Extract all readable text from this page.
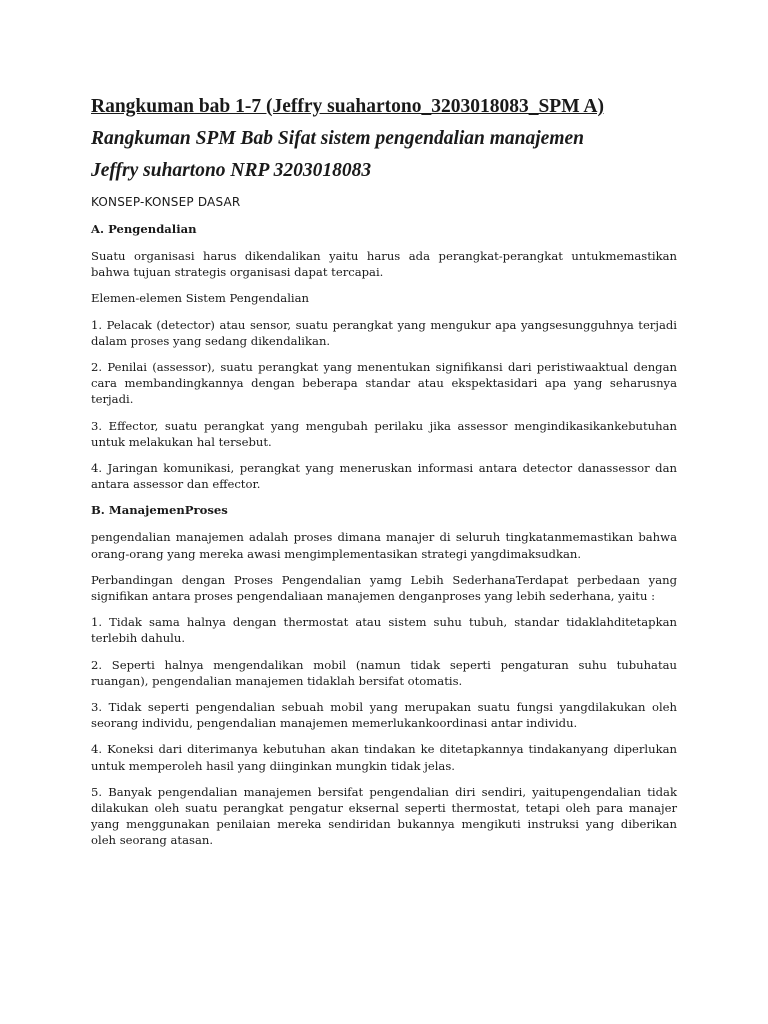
Rangkuman bab 1-7 (Jeffry suahartono_3203018083_SPM A)
Rangkuman SPM Bab Sifat sistem pengendalian manajemen
Jeffry suhartono NRP 3203018083
KONSEP-KONSEP DASAR
A. Pengendalian
Suatu organisasi harus dikendalikan yaitu harus ada perangkat-perangkat untukmemastikan bahwa tujuan strategis organisasi dapat tercapai.
Elemen-elemen Sistem Pengendalian
1. Pelacak (detector) atau sensor, suatu perangkat yang mengukur apa yangsesungguhnya terjadi dalam proses yang sedang dikendalikan.
2. Penilai (assessor), suatu perangkat yang menentukan signifikansi dari peristiwaaktual dengan cara membandingkannya dengan beberapa standar atau ekspektasidari apa yang seharusnya terjadi.
3. Effector, suatu perangkat yang mengubah perilaku jika assessor mengindikasikankebutuhan untuk melakukan hal tersebut.
4. Jaringan komunikasi, perangkat yang meneruskan informasi antara detector danassessor dan antara assessor dan effector.
B. ManajemenProses
pengendalian manajemen adalah proses dimana manajer di seluruh tingkatanmemastikan bahwa orang-orang yang mereka awasi mengimplementasikan strategi yangdimaksudkan.
Perbandingan dengan Proses Pengendalian yamg Lebih SederhanaTerdapat perbedaan yang signifikan antara proses pengendaliaan manajemen denganproses yang lebih sederhana, yaitu :
1. Tidak sama halnya dengan thermostat atau sistem suhu tubuh, standar tidaklahditetapkan terlebih dahulu.
2. Seperti halnya mengendalikan mobil (namun tidak seperti pengaturan suhu tubuhatau ruangan), pengendalian manajemen tidaklah bersifat otomatis.
3. Tidak seperti pengendalian sebuah mobil yang merupakan suatu fungsi yangdilakukan oleh seorang individu, pengendalian manajemen memerlukankoordinasi antar individu.
4. Koneksi dari diterimanya kebutuhan akan tindakan ke ditetapkannya tindakanyang diperlukan untuk memperoleh hasil yang diinginkan mungkin tidak jelas.
5. Banyak pengendalian manajemen bersifat pengendalian diri sendiri, yaitupengendalian tidak dilakukan oleh suatu perangkat pengatur eksernal seperti thermostat, tetapi oleh para manajer yang menggunakan penilaian mereka sendiridan bukannya mengikuti instruksi yang diberikan oleh seorang atasan.
